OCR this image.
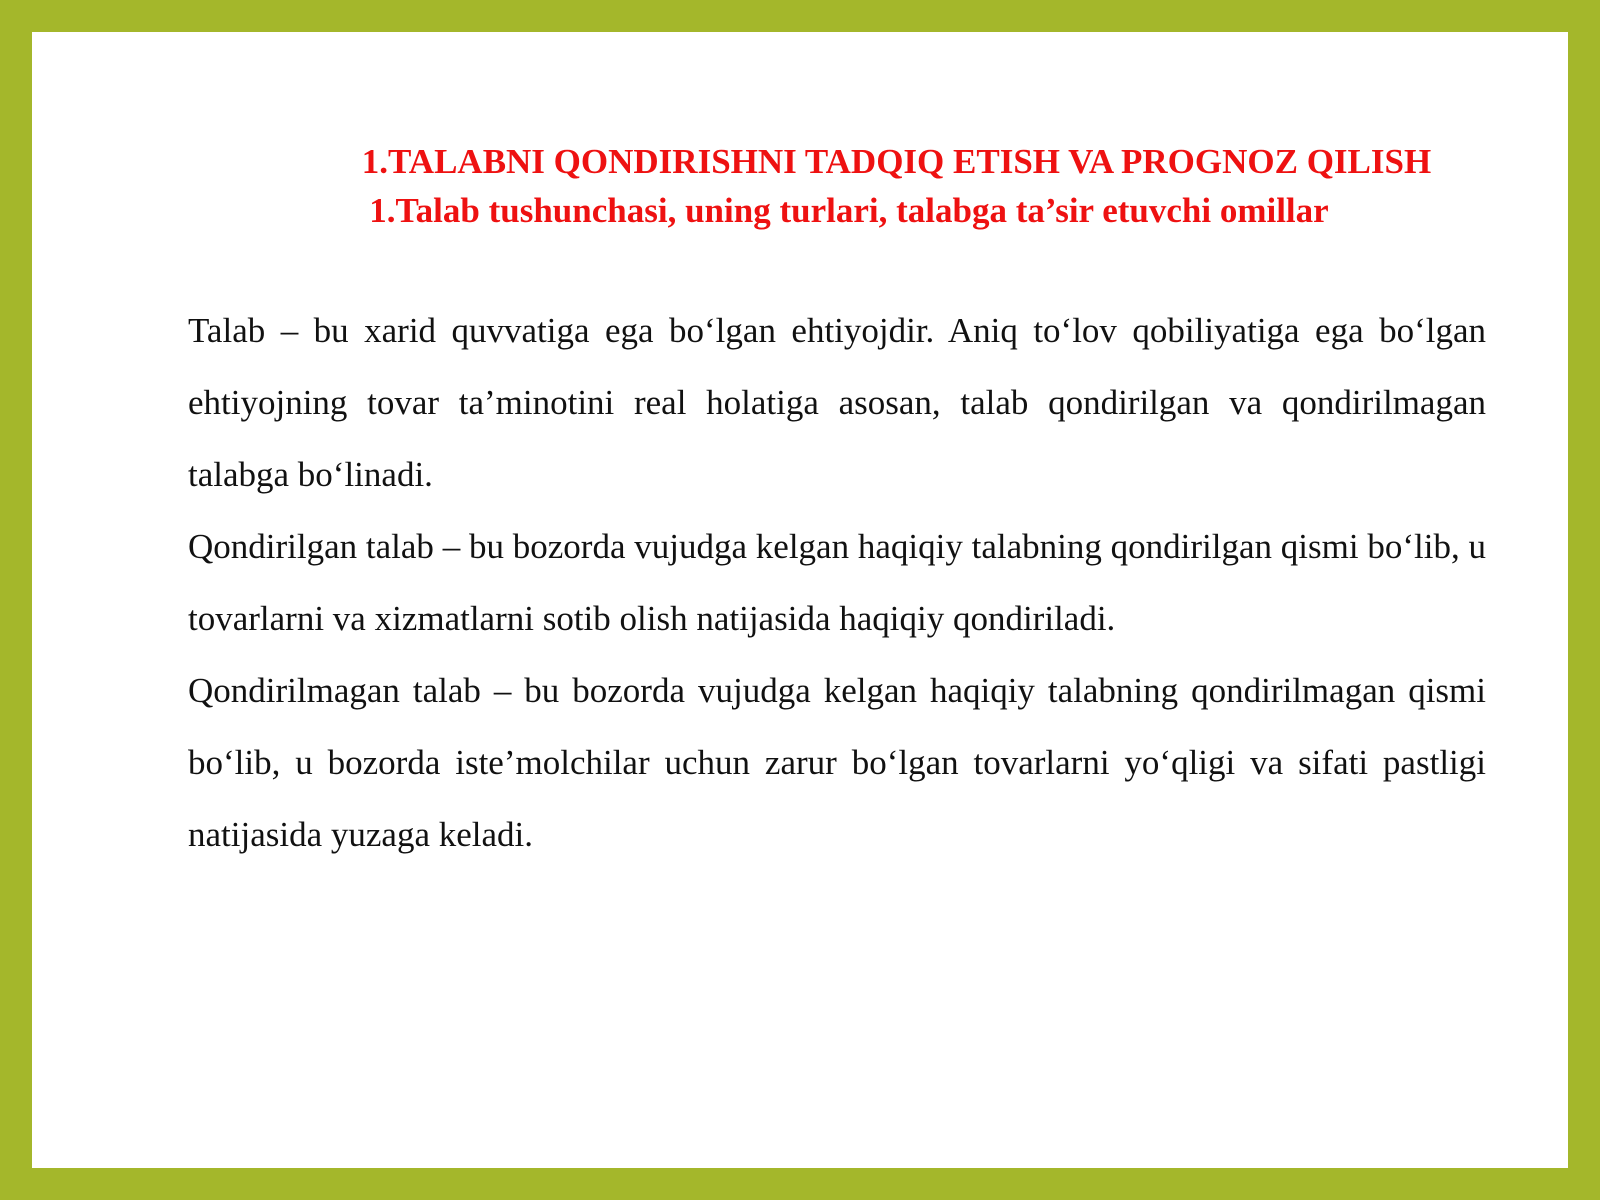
1.TALABNI QONDIRISHNI TADQIQ ETISH VA PROGNOZ QILISH
1.Talab tushunchasi, uning turlari, talabga ta’sir etuvchi omillar

Talab – bu xarid quvvatiga ega bo‘lgan ehtiyojdir. Aniq to‘lov qobiliyatiga ega bo‘lgan ehtiyojning tovar ta’minotini real holatiga asosan, talab qondirilgan va qondirilmagan talabga bo‘linadi.

Qondirilgan talab – bu bozorda vujudga kelgan haqiqiy talabning qondirilgan qismi bo‘lib, u tovarlarni va xizmatlarni sotib olish natijasida haqiqiy qondiriladi.

Qondirilmagan talab – bu bozorda vujudga kelgan haqiqiy talabning qondirilmagan qismi bo‘lib, u bozorda iste’molchilar uchun zarur bo‘lgan tovarlarni yo‘qligi va sifati pastligi natijasida yuzaga keladi.
